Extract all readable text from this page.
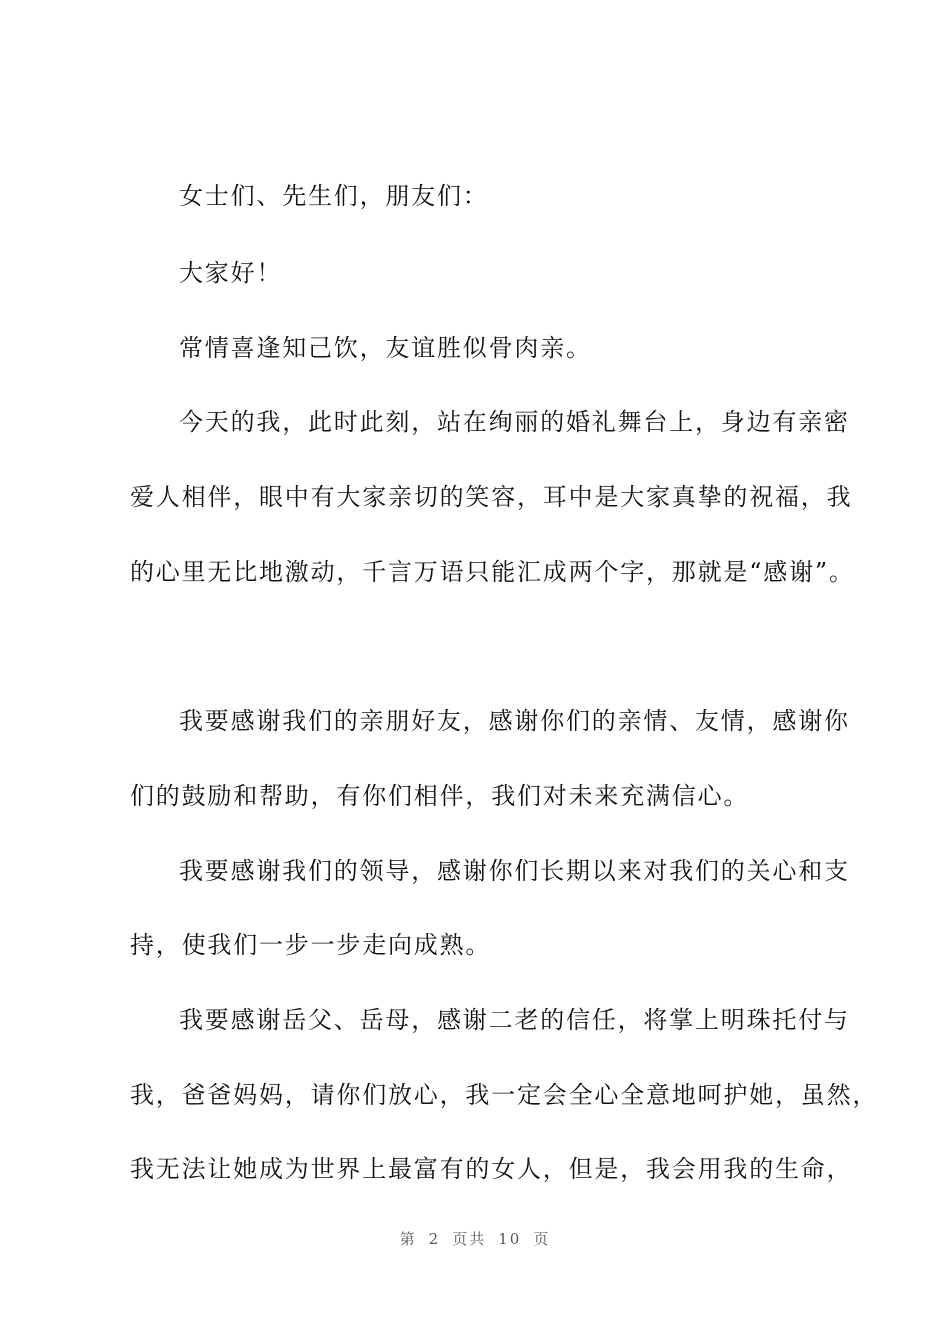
女士们、先生们，朋友们：
大家好！
常情喜逢知己饮，友谊胜似骨肉亲。
今天的我，此时此刻，站在绚丽的婚礼舞台上，身边有亲密
爱人相伴，眼中有大家亲切的笑容，耳中是大家真挚的祝福，我
的心里无比地激动，千言万语只能汇成两个字，那就是“感谢”。
我要感谢我们的亲朋好友，感谢你们的亲情、友情，感谢你
们的鼓励和帮助，有你们相伴，我们对未来充满信心。
我要感谢我们的领导，感谢你们长期以来对我们的关心和支
持，使我们一步一步走向成熟。
我要感谢岳父、岳母，感谢二老的信任，将掌上明珠托付与
我，爸爸妈妈，请你们放心，我一定会全心全意地呵护她，虽然，
我无法让她成为世界上最富有的女人，但是，我会用我的生命，
第 2 页共 10 页
